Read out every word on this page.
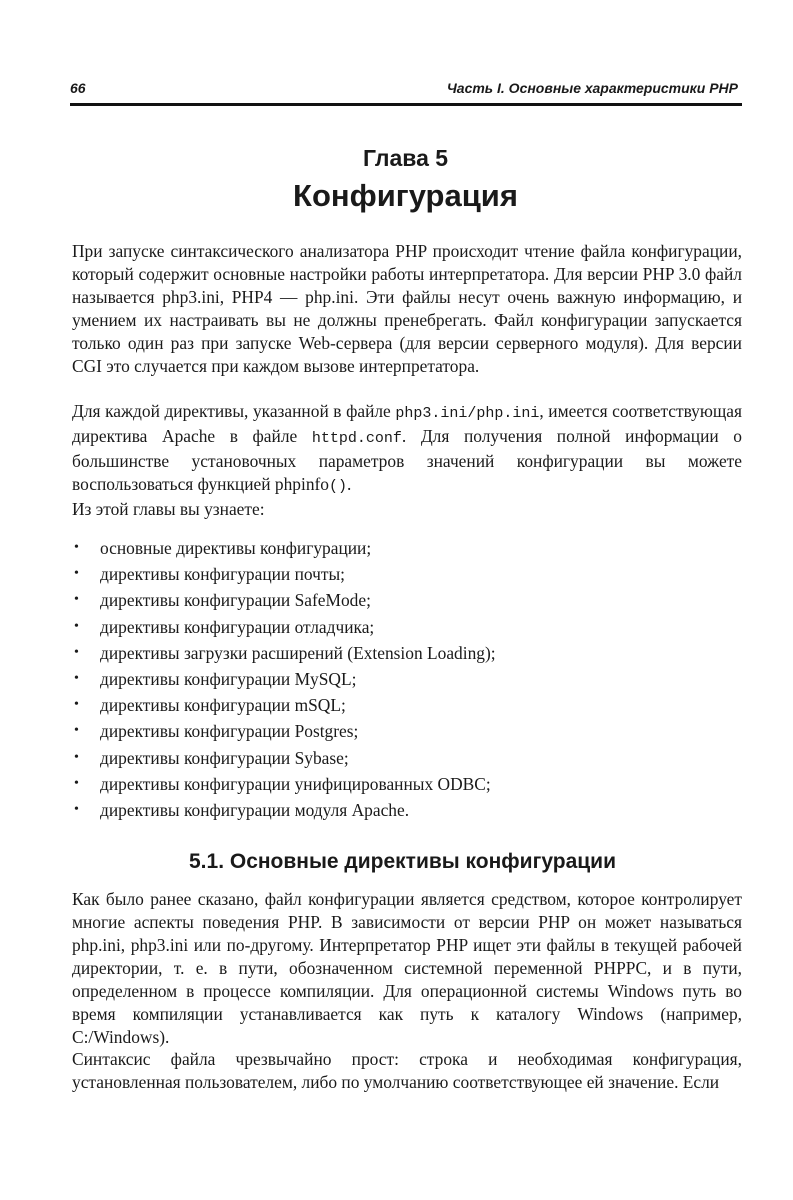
66	Часть I. Основные характеристики PHP
Глава 5
Конфигурация
При запуске синтаксического анализатора PHP происходит чтение файла конфигурации, который содержит основные настройки работы интерпретатора. Для версии PHP 3.0 файл называется php3.ini, PHP4 — php.ini. Эти файлы несут очень важную информацию, и умением их настраивать вы не должны пренебрегать. Файл конфигурации запускается только один раз при запуске Web-сервера (для версии серверного модуля). Для версии CGI это случается при каждом вызове интерпретатора.
Для каждой директивы, указанной в файле php3.ini/php.ini, имеется соответствующая директива Apache в файле httpd.conf. Для получения полной информации о большинстве установочных параметров значений конфигурации вы можете воспользоваться функцией phpinfo().
Из этой главы вы узнаете:
• основные директивы конфигурации;
• директивы конфигурации почты;
• директивы конфигурации SafeMode;
• директивы конфигурации отладчика;
• директивы загрузки расширений (Extension Loading);
• директивы конфигурации MySQL;
• директивы конфигурации mSQL;
• директивы конфигурации Postgres;
• директивы конфигурации Sybase;
• директивы конфигурации унифицированных ODBC;
• директивы конфигурации модуля Apache.
5.1. Основные директивы конфигурации
Как было ранее сказано, файл конфигурации является средством, которое контролирует многие аспекты поведения PHP. В зависимости от версии PHP он может называться php.ini, php3.ini или по-другому. Интерпретатор PHP ищет эти файлы в текущей рабочей директории, т. е. в пути, обозначенном системной переменной PHPPC, и в пути, определенном в процессе компиляции. Для операционной системы Windows путь во время компиляции устанавливается как путь к каталогу Windows (например, C:/Windows).
Синтаксис файла чрезвычайно прост: строка и необходимая конфигурация, установленная пользователем, либо по умолчанию соответствующее ей значение. Если
